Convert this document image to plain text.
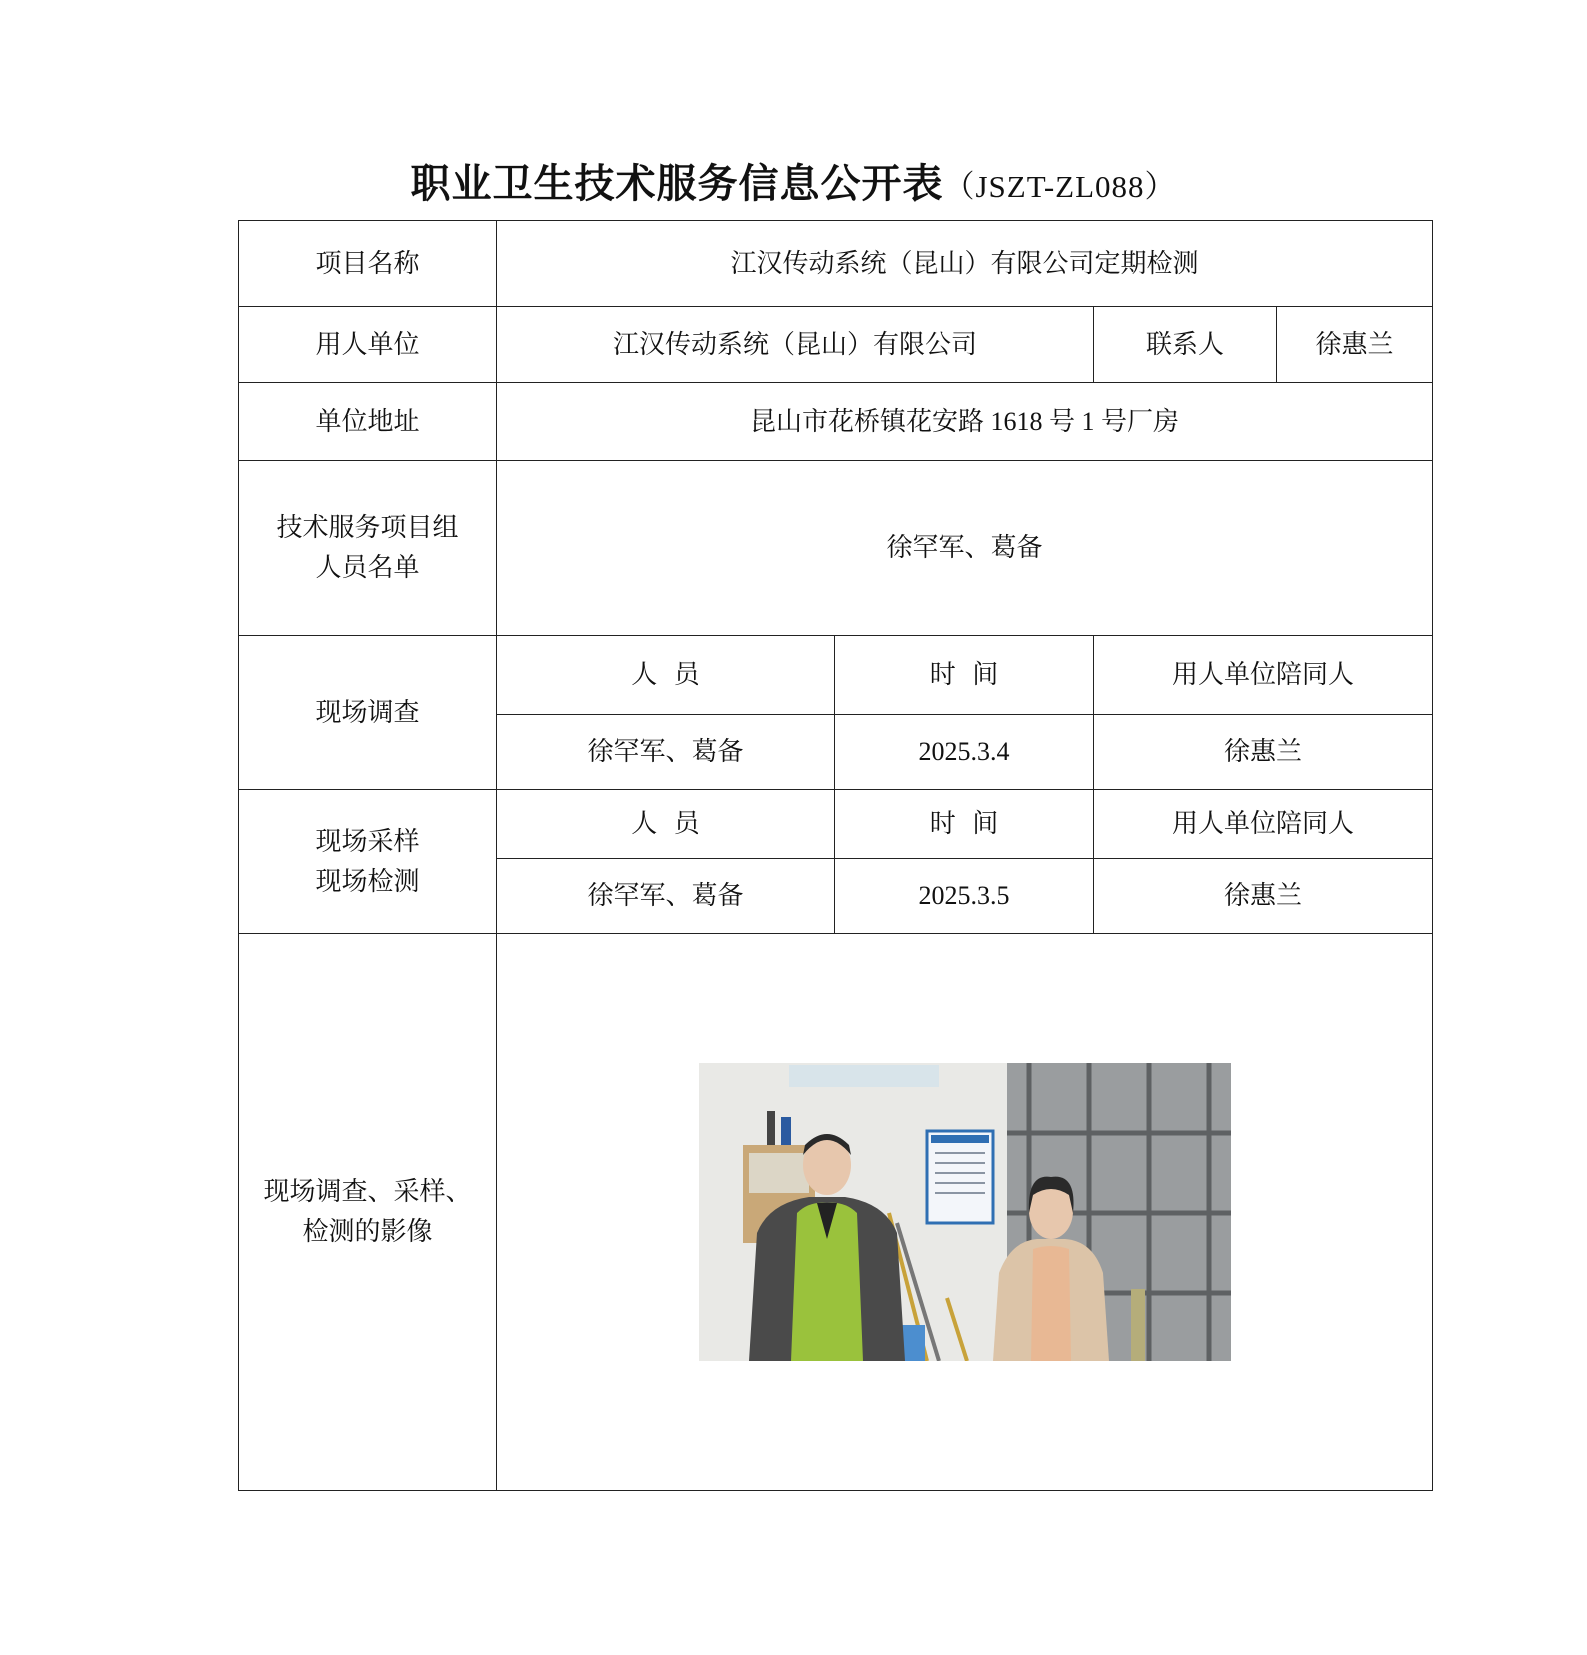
职业卫生技术服务信息公开表（JSZT-ZL088）
项目名称	江汉传动系统（昆山）有限公司定期检测			
用人单位	江汉传动系统（昆山）有限公司		联系人	徐惠兰
单位地址	昆山市花桥镇花安路 1618 号 1 号厂房			

技术服务项目组
人员名单	徐罕军、葛备			
现场调查	人  员	时  间	用人单位陪同人	
	徐罕军、葛备	2025.3.4	徐惠兰	

现场采样
现场检测	人  员	时  间	用人单位陪同人	
	徐罕军、葛备	2025.3.5	徐惠兰	

现场调查、采样、
检测的影像
